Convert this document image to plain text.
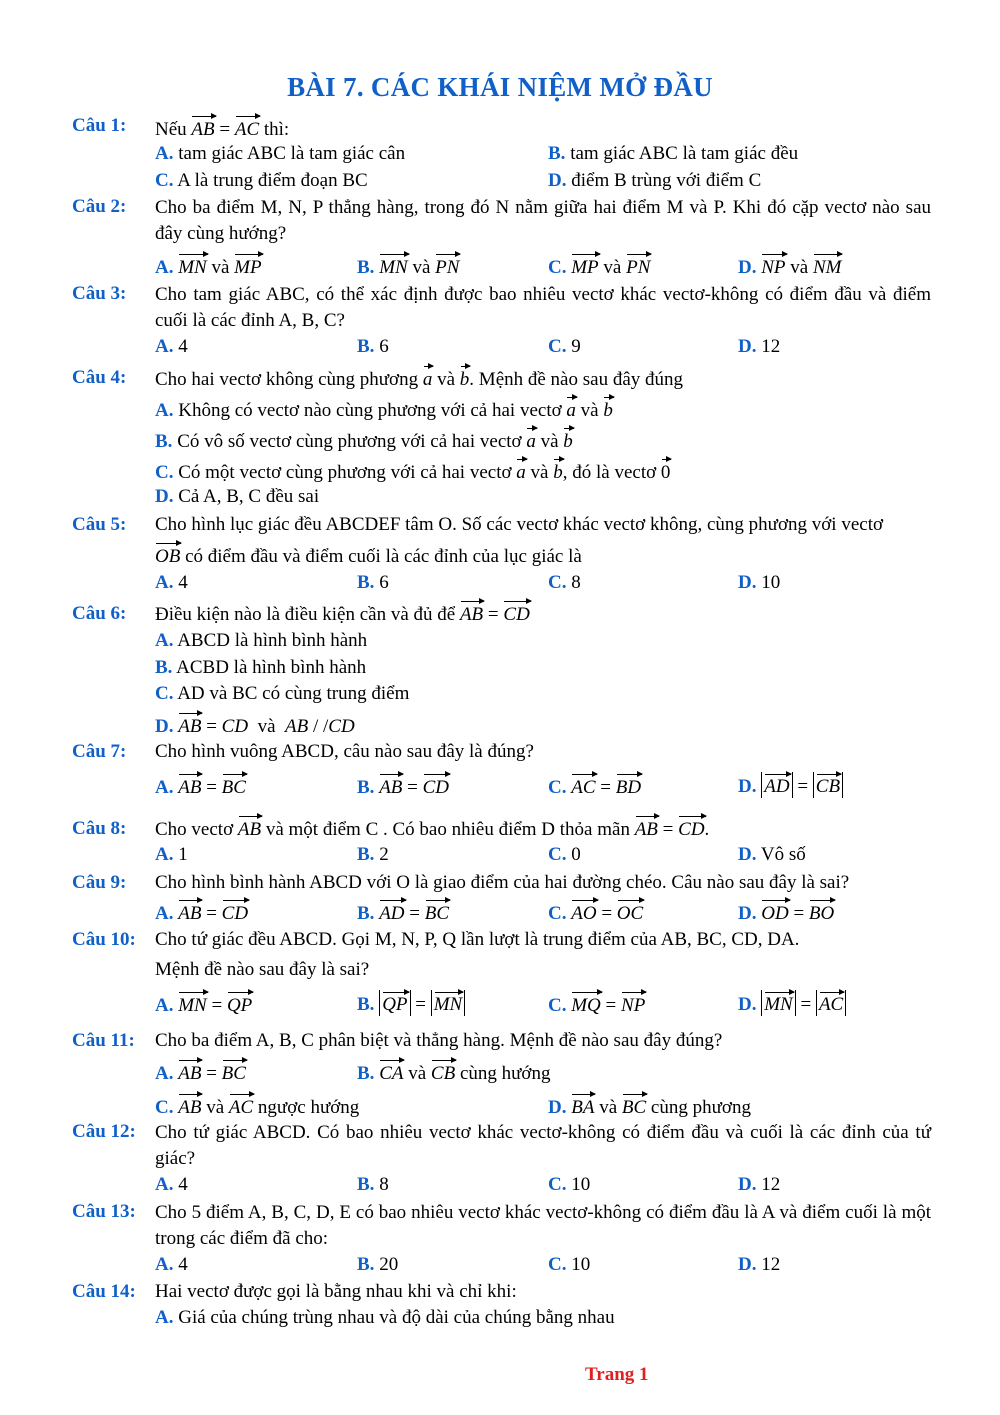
BÀI 7. CÁC KHÁI NIỆM MỞ ĐẦU
Câu 1:	Nếu AB = AC thì:
A. tam giác ABC là tam giác cân	B. tam giác ABC là tam giác đều
C. A là trung điểm đoạn BC	D. điểm B trùng với điểm C
Câu 2:	Cho ba điểm M, N, P thẳng hàng, trong đó N nằm giữa hai điểm M và P. Khi đó cặp vectơ nào sau đây cùng hướng?
A. MN và MP	B. MN và PN	C. MP và PN	D. NP và NM
Câu 3:	Cho tam giác ABC, có thể xác định được bao nhiêu vectơ khác vectơ-không có điểm đầu và điểm cuối là các đỉnh A, B, C?
A. 4	B. 6	C. 9	D. 12
Câu 4:	Cho hai vectơ không cùng phương a và b. Mệnh đề nào sau đây đúng
A. Không có vectơ nào cùng phương với cả hai vectơ a và b
B. Có vô số vectơ cùng phương với cả hai vectơ a và b
C. Có một vectơ cùng phương với cả hai vectơ a và b, đó là vectơ 0
D. Cả A, B, C đều sai
Câu 5:	Cho hình lục giác đều ABCDEF tâm O. Số các vectơ khác vectơ không, cùng phương với vectơ
OB có điểm đầu và điểm cuối là các đỉnh của lục giác là
A. 4	B. 6	C. 8	D. 10
Câu 6:	Điều kiện nào là điều kiện cần và đủ để AB = CD
A. ABCD là hình bình hành
B. ACBD là hình bình hành
C. AD và BC có cùng trung điểm
D. AB = CD và AB / /CD
Câu 7:	Cho hình vuông ABCD, câu nào sau đây là đúng?
A. AB = BC	B. AB = CD	C. AC = BD	D. AD = CB
Câu 8:	Cho vectơ AB và một điểm C . Có bao nhiêu điểm D thỏa mãn AB = CD.
A. 1	B. 2	C. 0	D. Vô số
Câu 9:	Cho hình bình hành ABCD với O là giao điểm của hai đường chéo. Câu nào sau đây là sai?
A. AB = CD	B. AD = BC	C. AO = OC	D. OD = BO
Câu 10:	Cho tứ giác đều ABCD. Gọi M, N, P, Q lần lượt là trung điểm của AB, BC, CD, DA.
Mệnh đề nào sau đây là sai?
A. MN = QP	B. QP = MN	C. MQ = NP	D. MN = AC
Câu 11:	Cho ba điểm A, B, C phân biệt và thẳng hàng. Mệnh đề nào sau đây đúng?
A. AB = BC	B. CA và CB cùng hướng
C. AB và AC ngược hướng	D. BA và BC cùng phương
Câu 12:	Cho tứ giác ABCD. Có bao nhiêu vectơ khác vectơ-không có điểm đầu và cuối là các đỉnh của tứ giác?
A. 4	B. 8	C. 10	D. 12
Câu 13:	Cho 5 điểm A, B, C, D, E có bao nhiêu vectơ khác vectơ-không có điểm đầu là A và điểm cuối là một trong các điểm đã cho:
A. 4	B. 20	C. 10	D. 12
Câu 14:	Hai vectơ được gọi là bằng nhau khi và chỉ khi:
A. Giá của chúng trùng nhau và độ dài của chúng bằng nhau
Trang 1
